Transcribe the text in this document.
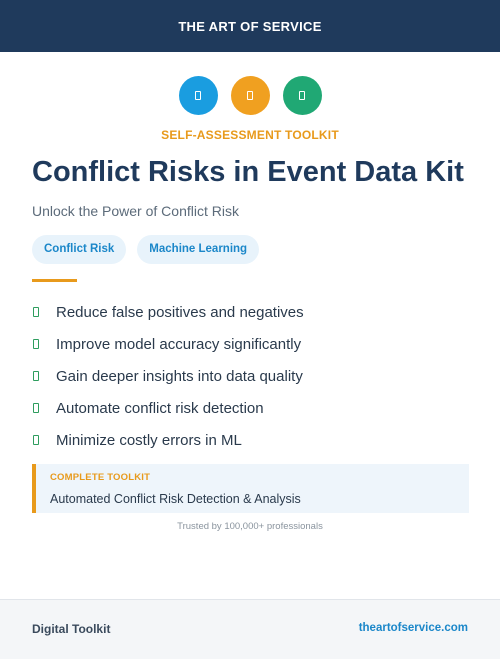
THE ART OF SERVICE
SELF-ASSESSMENT TOOLKIT
Conflict Risks in Event Data Kit
Unlock the Power of Conflict Risk
Conflict Risk	Machine Learning
Reduce false positives and negatives
Improve model accuracy significantly
Gain deeper insights into data quality
Automate conflict risk detection
Minimize costly errors in ML
COMPLETE TOOLKIT
Automated Conflict Risk Detection & Analysis
Trusted by 100,000+ professionals
Digital Toolkit	theartofservice.com
